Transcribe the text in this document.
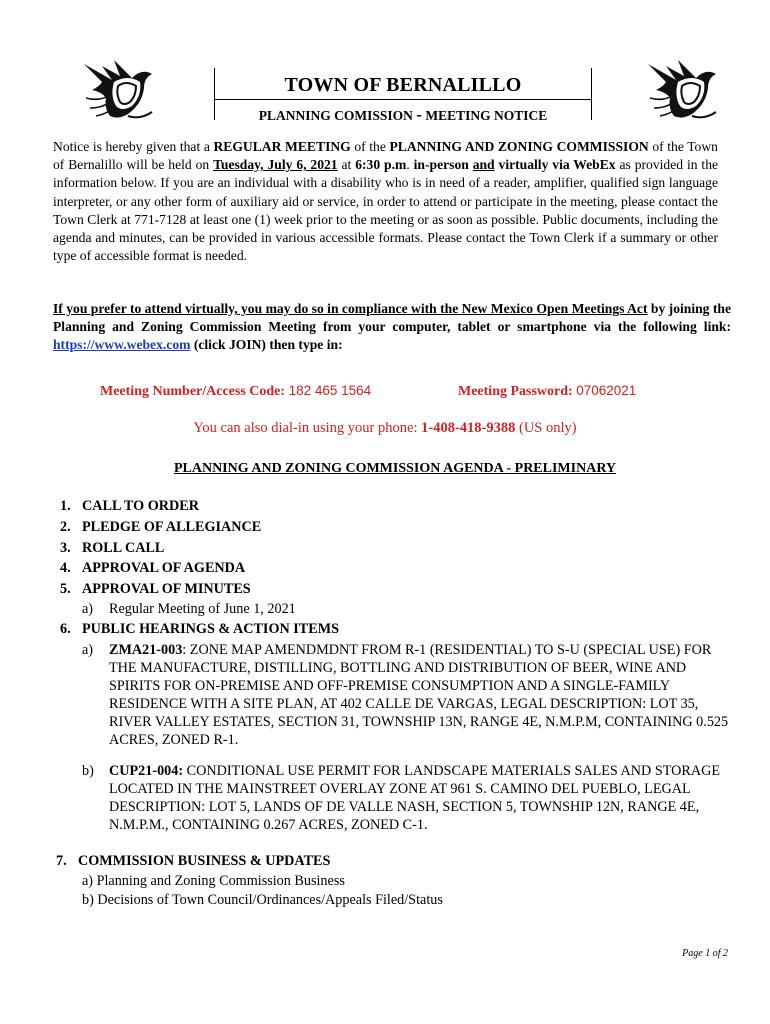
TOWN OF BERNALILLO
PLANNING COMISSION - MEETING NOTICE
Notice is hereby given that a REGULAR MEETING of the PLANNING AND ZONING COMMISSION of the Town of Bernalillo will be held on Tuesday, July 6, 2021 at 6:30 p.m. in-person and virtually via WebEx as provided in the information below. If you are an individual with a disability who is in need of a reader, amplifier, qualified sign language interpreter, or any other form of auxiliary aid or service, in order to attend or participate in the meeting, please contact the Town Clerk at 771-7128 at least one (1) week prior to the meeting or as soon as possible. Public documents, including the agenda and minutes, can be provided in various accessible formats. Please contact the Town Clerk if a summary or other type of accessible format is needed.
If you prefer to attend virtually, you may do so in compliance with the New Mexico Open Meetings Act by joining the Planning and Zoning Commission Meeting from your computer, tablet or smartphone via the following link: https://www.webex.com (click JOIN) then type in:
Meeting Number/Access Code: 182 465 1564	Meeting Password: 07062021
You can also dial-in using your phone: 1-408-418-9388 (US only)
PLANNING AND ZONING COMMISSION AGENDA - PRELIMINARY
1. CALL TO ORDER
2. PLEDGE OF ALLEGIANCE
3. ROLL CALL
4. APPROVAL OF AGENDA
5. APPROVAL OF MINUTES
a) Regular Meeting of June 1, 2021
6. PUBLIC HEARINGS & ACTION ITEMS
a)	ZMA21-003: ZONE MAP AMENDMDNT FROM R-1 (RESIDENTIAL) TO S-U (SPECIAL USE) FOR THE MANUFACTURE, DISTILLING, BOTTLING AND DISTRIBUTION OF BEER, WINE AND SPIRITS FOR ON-PREMISE AND OFF-PREMISE CONSUMPTION AND A SINGLE-FAMILY RESIDENCE WITH A SITE PLAN, AT 402 CALLE DE VARGAS, LEGAL DESCRIPTION: LOT 35, RIVER VALLEY ESTATES, SECTION 31, TOWNSHIP 13N, RANGE 4E, N.M.P.M, CONTAINING 0.525 ACRES, ZONED R-1.
b)	CUP21-004: CONDITIONAL USE PERMIT FOR LANDSCAPE MATERIALS SALES AND STORAGE LOCATED IN THE MAINSTREET OVERLAY ZONE AT 961 S. CAMINO DEL PUEBLO, LEGAL DESCRIPTION: LOT 5, LANDS OF DE VALLE NASH, SECTION 5, TOWNSHIP 12N, RANGE 4E, N.M.P.M., CONTAINING 0.267 ACRES, ZONED C-1.
7. COMMISSION BUSINESS & UPDATES
a) Planning and Zoning Commission Business
b) Decisions of Town Council/Ordinances/Appeals Filed/Status
Page 1 of 2
